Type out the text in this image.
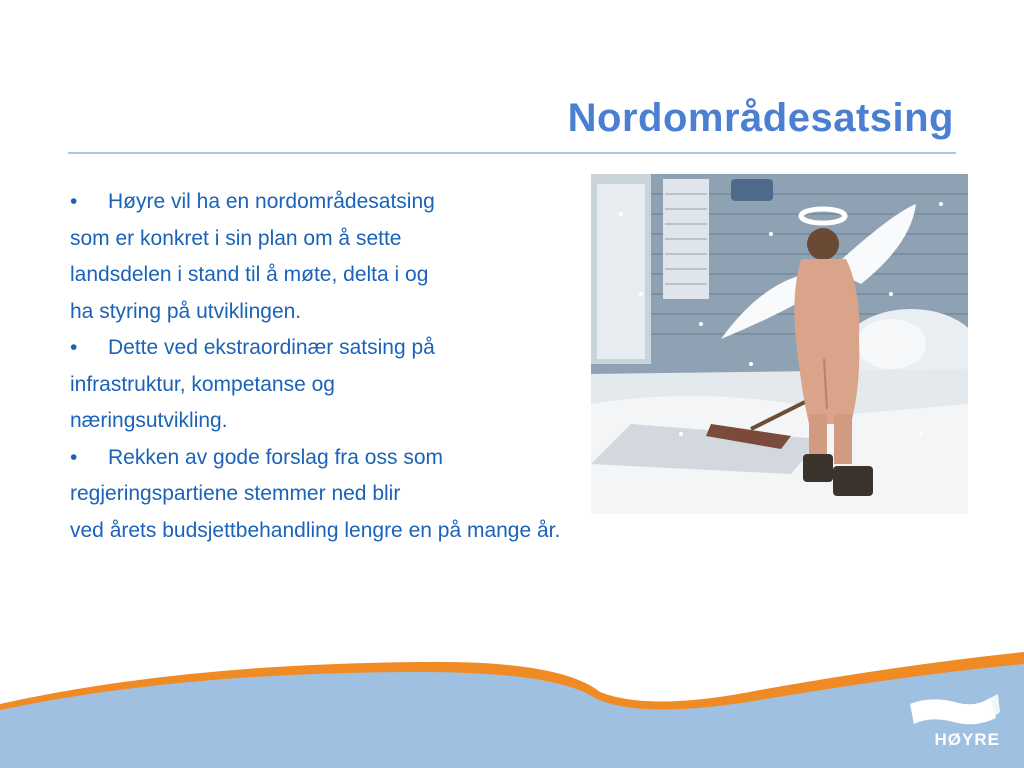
Nordområdesatsing
• Høyre vil ha en nordområdesatsing
som er konkret i sin plan om å sette
landsdelen i stand til å møte, delta i og
ha styring på utviklingen.
• Dette ved ekstraordinær satsing på
infrastruktur, kompetanse og
næringsutvikling.
• Rekken av gode forslag fra oss som
regjeringspartiene stemmer ned blir
ved årets budsjettbehandling lengre en på mange år.
HØYRE
